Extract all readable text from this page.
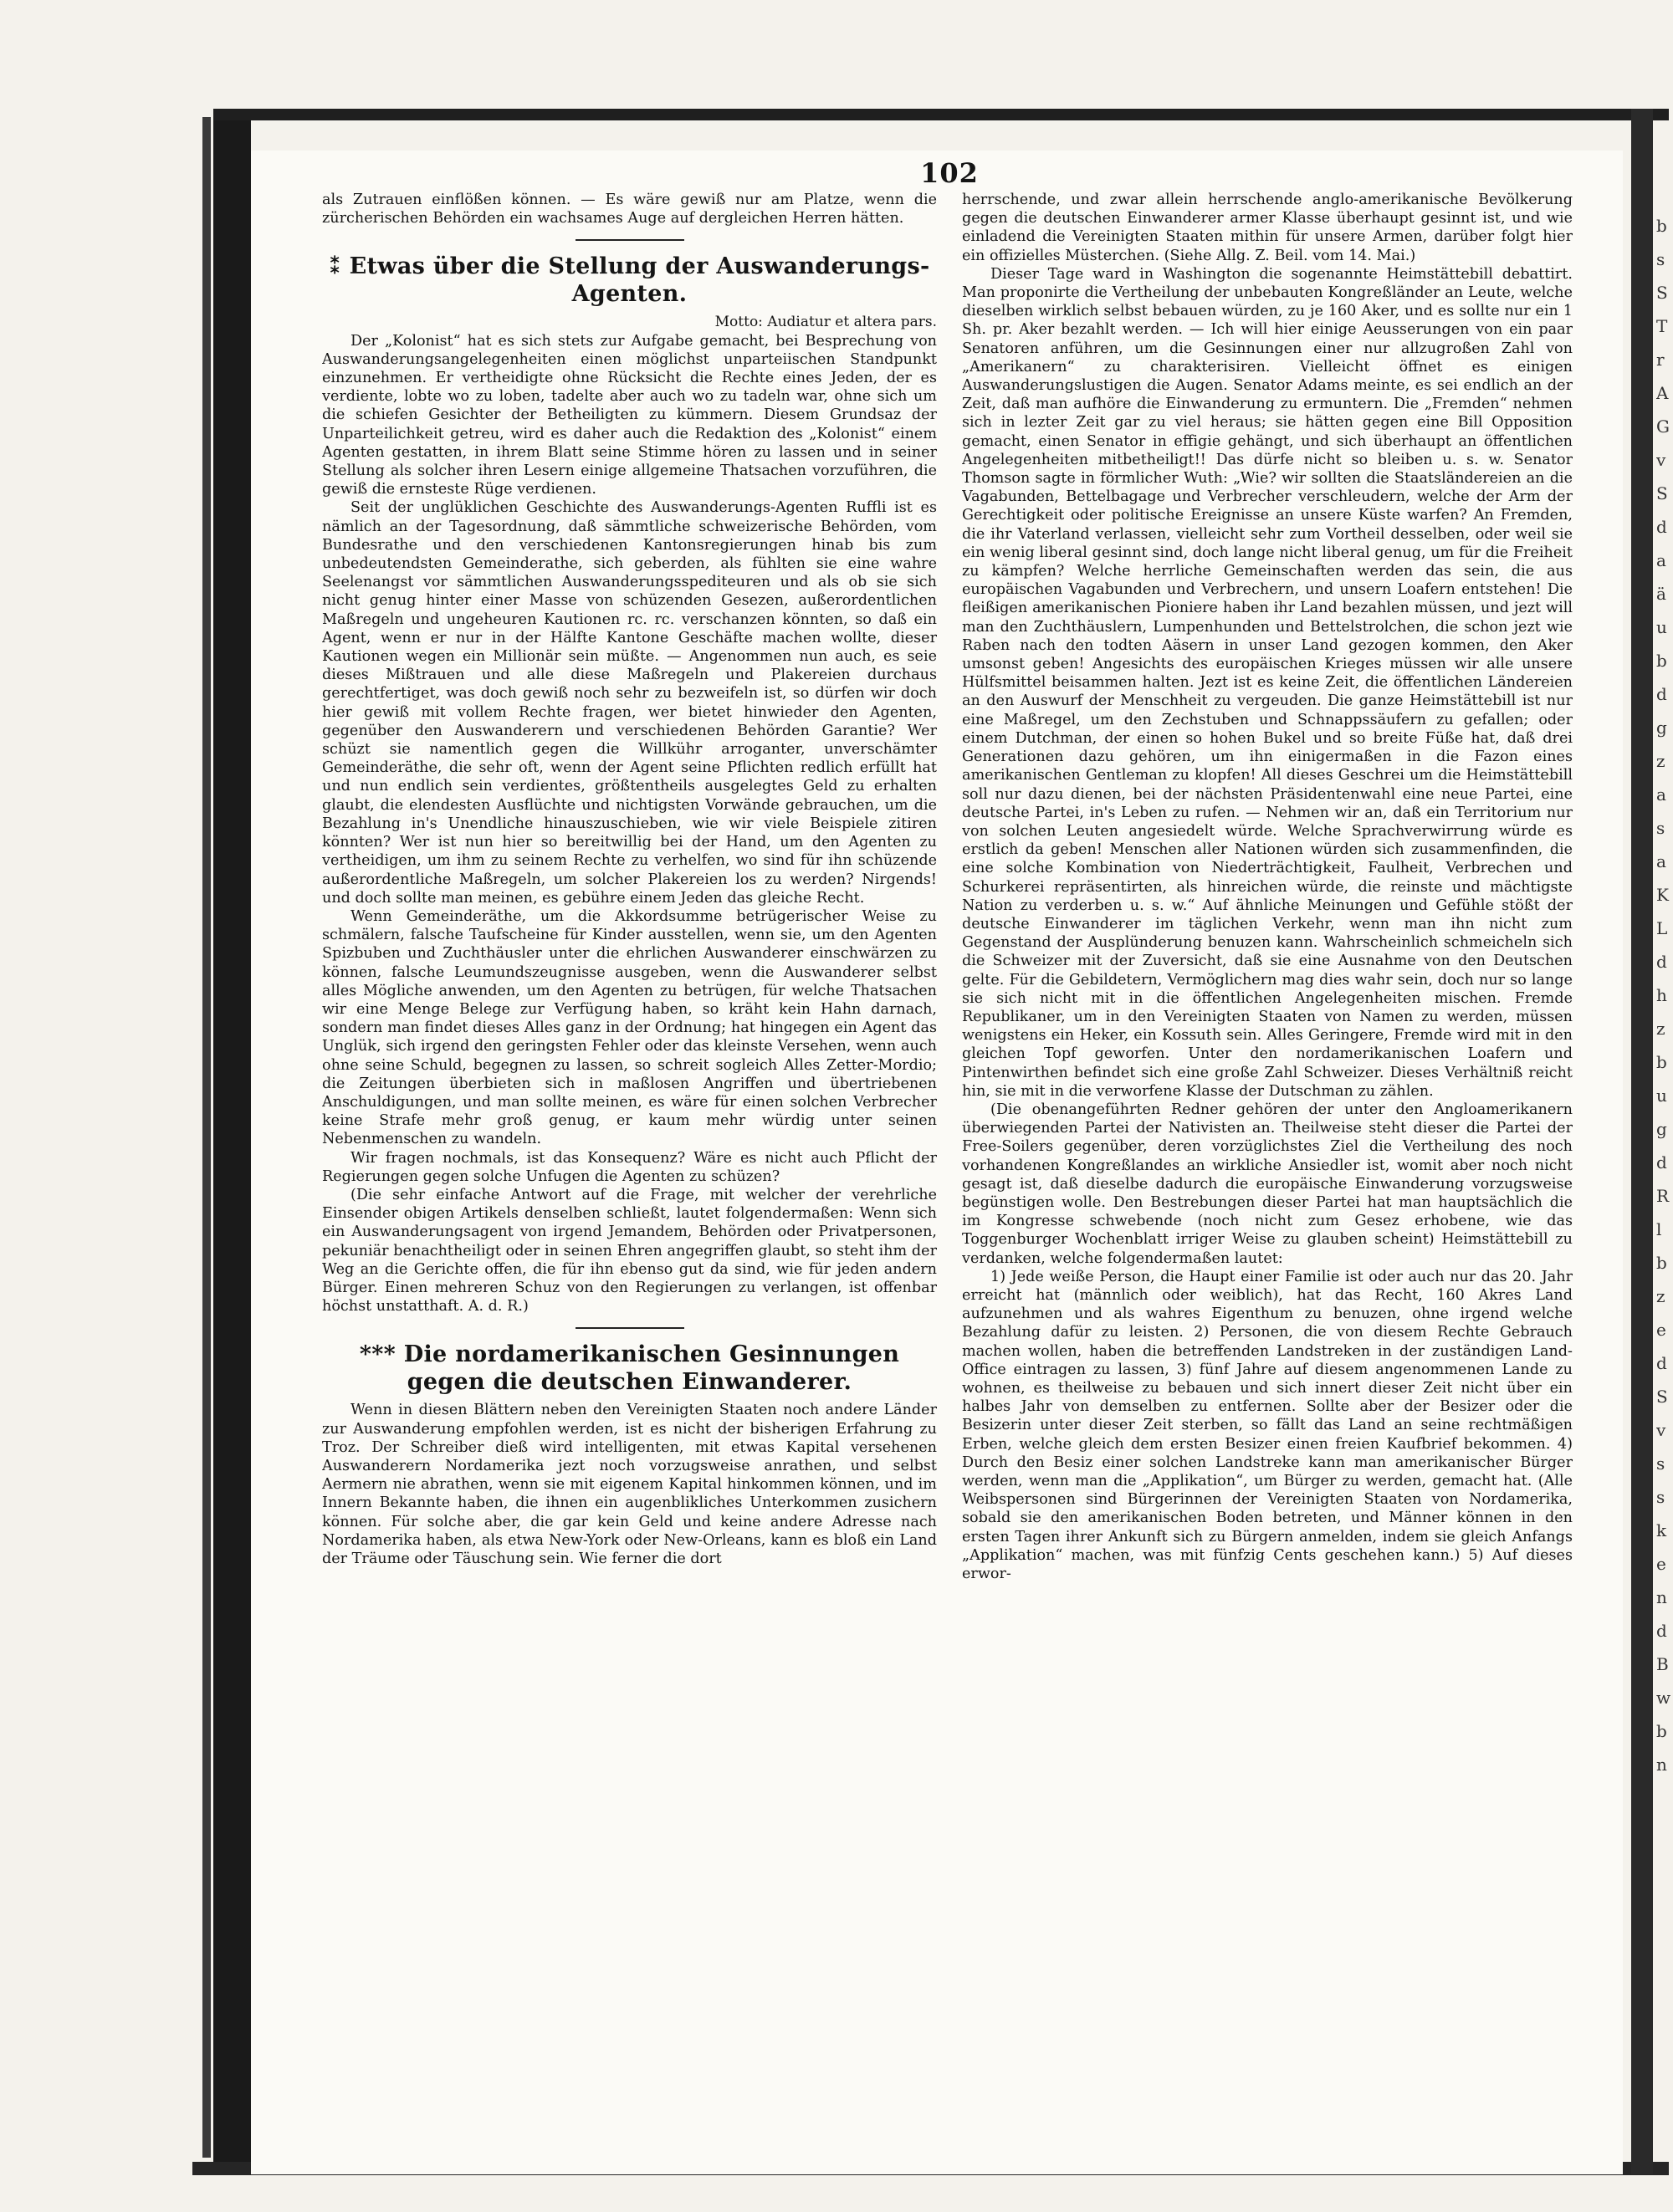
102

als Zutrauen einflößen können. — Es wäre gewiß nur am Platze, wenn die zürcherischen Behörden ein wachsames Auge auf dergleichen Herren hätten.

⁑ Etwas über die Stellung der Auswanderungs-Agenten.

Motto: Audiatur et altera pars.

Der „Kolonist“ hat es sich stets zur Aufgabe gemacht, bei Besprechung von Auswanderungsangelegenheiten einen möglichst unparteiischen Standpunkt einzunehmen. Er vertheidigte ohne Rücksicht die Rechte eines Jeden, der es verdiente, lobte wo zu loben, tadelte aber auch wo zu tadeln war, ohne sich um die schiefen Gesichter der Betheiligten zu kümmern. Diesem Grundsaz der Unparteilichkeit getreu, wird es daher auch die Redaktion des „Kolonist“ einem Agenten gestatten, in ihrem Blatt seine Stimme hören zu lassen und in seiner Stellung als solcher ihren Lesern einige allgemeine Thatsachen vorzuführen, die gewiß die ernsteste Rüge verdienen.

Seit der unglüklichen Geschichte des Auswanderungs-Agenten Ruffli ist es nämlich an der Tagesordnung, daß sämmtliche schweizerische Behörden, vom Bundesrathe und den verschiedenen Kantonsregierungen hinab bis zum unbedeutendsten Gemeinderathe, sich geberden, als fühlten sie eine wahre Seelenangst vor sämmtlichen Auswanderungsspediteuren und als ob sie sich nicht genug hinter einer Masse von schüzenden Gesezen, außerordentlichen Maßregeln und ungeheuren Kautionen rc. rc. verschanzen könnten, so daß ein Agent, wenn er nur in der Hälfte Kantone Geschäfte machen wollte, dieser Kautionen wegen ein Millionär sein müßte. — Angenommen nun auch, es seie dieses Mißtrauen und alle diese Maßregeln und Plakereien durchaus gerechtfertiget, was doch gewiß noch sehr zu bezweifeln ist, so dürfen wir doch hier gewiß mit vollem Rechte fragen, wer bietet hinwieder den Agenten, gegenüber den Auswanderern und verschiedenen Behörden Garantie? Wer schüzt sie namentlich gegen die Willkühr arroganter, unverschämter Gemeinderäthe, die sehr oft, wenn der Agent seine Pflichten redlich erfüllt hat und nun endlich sein verdientes, größtentheils ausgelegtes Geld zu erhalten glaubt, die elendesten Ausflüchte und nichtigsten Vorwände gebrauchen, um die Bezahlung in's Unendliche hinauszuschieben, wie wir viele Beispiele zitiren könnten? Wer ist nun hier so bereitwillig bei der Hand, um den Agenten zu vertheidigen, um ihm zu seinem Rechte zu verhelfen, wo sind für ihn schüzende außerordentliche Maßregeln, um solcher Plakereien los zu werden? Nirgends! und doch sollte man meinen, es gebühre einem Jeden das gleiche Recht.

Wenn Gemeinderäthe, um die Akkordsumme betrügerischer Weise zu schmälern, falsche Taufscheine für Kinder ausstellen, wenn sie, um den Agenten Spizbuben und Zuchthäusler unter die ehrlichen Auswanderer einschwärzen zu können, falsche Leumundszeugnisse ausgeben, wenn die Auswanderer selbst alles Mögliche anwenden, um den Agenten zu betrügen, für welche Thatsachen wir eine Menge Belege zur Verfügung haben, so kräht kein Hahn darnach, sondern man findet dieses Alles ganz in der Ordnung; hat hingegen ein Agent das Unglük, sich irgend den geringsten Fehler oder das kleinste Versehen, wenn auch ohne seine Schuld, begegnen zu lassen, so schreit sogleich Alles Zetter-Mordio; die Zeitungen überbieten sich in maßlosen Angriffen und übertriebenen Anschuldigungen, und man sollte meinen, es wäre für einen solchen Verbrecher keine Strafe mehr groß genug, er kaum mehr würdig unter seinen Nebenmenschen zu wandeln.

Wir fragen nochmals, ist das Konsequenz? Wäre es nicht auch Pflicht der Regierungen gegen solche Unfugen die Agenten zu schüzen?

(Die sehr einfache Antwort auf die Frage, mit welcher der verehrliche Einsender obigen Artikels denselben schließt, lautet folgendermaßen: Wenn sich ein Auswanderungsagent von irgend Jemandem, Behörden oder Privatpersonen, pekuniär benachtheiligt oder in seinen Ehren angegriffen glaubt, so steht ihm der Weg an die Gerichte offen, die für ihn ebenso gut da sind, wie für jeden andern Bürger. Einen mehreren Schuz von den Regierungen zu verlangen, ist offenbar höchst unstatthaft. A. d. R.)

*** Die nordamerikanischen Gesinnungen gegen die deutschen Einwanderer.

Wenn in diesen Blättern neben den Vereinigten Staaten noch andere Länder zur Auswanderung empfohlen werden, ist es nicht der bisherigen Erfahrung zu Troz. Der Schreiber dieß wird intelligenten, mit etwas Kapital versehenen Auswanderern Nordamerika jezt noch vorzugsweise anrathen, und selbst Aermern nie abrathen, wenn sie mit eigenem Kapital hinkommen können, und im Innern Bekannte haben, die ihnen ein augenblikliches Unterkommen zusichern können. Für solche aber, die gar kein Geld und keine andere Adresse nach Nordamerika haben, als etwa New-York oder New-Orleans, kann es bloß ein Land der Träume oder Täuschung sein. Wie ferner die dort

herrschende, und zwar allein herrschende anglo-amerikanische Bevölkerung gegen die deutschen Einwanderer armer Klasse überhaupt gesinnt ist, und wie einladend die Vereinigten Staaten mithin für unsere Armen, darüber folgt hier ein offizielles Müsterchen. (Siehe Allg. Z. Beil. vom 14. Mai.)

Dieser Tage ward in Washington die sogenannte Heimstättebill debattirt. Man proponirte die Vertheilung der unbebauten Kongreßländer an Leute, welche dieselben wirklich selbst bebauen würden, zu je 160 Aker, und es sollte nur ein 1 Sh. pr. Aker bezahlt werden. — Ich will hier einige Aeusserungen von ein paar Senatoren anführen, um die Gesinnungen einer nur allzugroßen Zahl von „Amerikanern“ zu charakterisiren. Vielleicht öffnet es einigen Auswanderungslustigen die Augen. Senator Adams meinte, es sei endlich an der Zeit, daß man aufhöre die Einwanderung zu ermuntern. Die „Fremden“ nehmen sich in lezter Zeit gar zu viel heraus; sie hätten gegen eine Bill Opposition gemacht, einen Senator in effigie gehängt, und sich überhaupt an öffentlichen Angelegenheiten mitbetheiligt!! Das dürfe nicht so bleiben u. s. w. Senator Thomson sagte in förmlicher Wuth: „Wie? wir sollten die Staatsländereien an die Vagabunden, Bettelbagage und Verbrecher verschleudern, welche der Arm der Gerechtigkeit oder politische Ereignisse an unsere Küste warfen? An Fremden, die ihr Vaterland verlassen, vielleicht sehr zum Vortheil desselben, oder weil sie ein wenig liberal gesinnt sind, doch lange nicht liberal genug, um für die Freiheit zu kämpfen? Welche herrliche Gemeinschaften werden das sein, die aus europäischen Vagabunden und Verbrechern, und unsern Loafern entstehen! Die fleißigen amerikanischen Pioniere haben ihr Land bezahlen müssen, und jezt will man den Zuchthäuslern, Lumpenhunden und Bettelstrolchen, die schon jezt wie Raben nach den todten Aäsern in unser Land gezogen kommen, den Aker umsonst geben! Angesichts des europäischen Krieges müssen wir alle unsere Hülfsmittel beisammen halten. Jezt ist es keine Zeit, die öffentlichen Ländereien an den Auswurf der Menschheit zu vergeuden. Die ganze Heimstättebill ist nur eine Maßregel, um den Zechstuben und Schnappssäufern zu gefallen; oder einem Dutchman, der einen so hohen Bukel und so breite Füße hat, daß drei Generationen dazu gehören, um ihn einigermaßen in die Fazon eines amerikanischen Gentleman zu klopfen! All dieses Geschrei um die Heimstättebill soll nur dazu dienen, bei der nächsten Präsidentenwahl eine neue Partei, eine deutsche Partei, in's Leben zu rufen. — Nehmen wir an, daß ein Territorium nur von solchen Leuten angesiedelt würde. Welche Sprachverwirrung würde es erstlich da geben! Menschen aller Nationen würden sich zusammenfinden, die eine solche Kombination von Niederträchtigkeit, Faulheit, Verbrechen und Schurkerei repräsentirten, als hinreichen würde, die reinste und mächtigste Nation zu verderben u. s. w.“ Auf ähnliche Meinungen und Gefühle stößt der deutsche Einwanderer im täglichen Verkehr, wenn man ihn nicht zum Gegenstand der Ausplünderung benuzen kann. Wahrscheinlich schmeicheln sich die Schweizer mit der Zuversicht, daß sie eine Ausnahme von den Deutschen gelte. Für die Gebildetern, Vermöglichern mag dies wahr sein, doch nur so lange sie sich nicht mit in die öffentlichen Angelegenheiten mischen. Fremde Republikaner, um in den Vereinigten Staaten von Namen zu werden, müssen wenigstens ein Heker, ein Kossuth sein. Alles Geringere, Fremde wird mit in den gleichen Topf geworfen. Unter den nordamerikanischen Loafern und Pintenwirthen befindet sich eine große Zahl Schweizer. Dieses Verhältniß reicht hin, sie mit in die verworfene Klasse der Dutschman zu zählen.

(Die obenangeführten Redner gehören der unter den Angloamerikanern überwiegenden Partei der Nativisten an. Theilweise steht dieser die Partei der Free-Soilers gegenüber, deren vorzüglichstes Ziel die Vertheilung des noch vorhandenen Kongreßlandes an wirkliche Ansiedler ist, womit aber noch nicht gesagt ist, daß dieselbe dadurch die europäische Einwanderung vorzugsweise begünstigen wolle. Den Bestrebungen dieser Partei hat man hauptsächlich die im Kongresse schwebende (noch nicht zum Gesez erhobene, wie das Toggenburger Wochenblatt irriger Weise zu glauben scheint) Heimstättebill zu verdanken, welche folgendermaßen lautet:

1) Jede weiße Person, die Haupt einer Familie ist oder auch nur das 20. Jahr erreicht hat (männlich oder weiblich), hat das Recht, 160 Akres Land aufzunehmen und als wahres Eigenthum zu benuzen, ohne irgend welche Bezahlung dafür zu leisten. 2) Personen, die von diesem Rechte Gebrauch machen wollen, haben die betreffenden Landstreken in der zuständigen Land-Office eintragen zu lassen, 3) fünf Jahre auf diesem angenommenen Lande zu wohnen, es theilweise zu bebauen und sich innert dieser Zeit nicht über ein halbes Jahr von demselben zu entfernen. Sollte aber der Besizer oder die Besizerin unter dieser Zeit sterben, so fällt das Land an seine rechtmäßigen Erben, welche gleich dem ersten Besizer einen freien Kaufbrief bekommen. 4) Durch den Besiz einer solchen Landstreke kann man amerikanischer Bürger werden, wenn man die „Applikation“, um Bürger zu werden, gemacht hat. (Alle Weibspersonen sind Bürgerinnen der Vereinigten Staaten von Nordamerika, sobald sie den amerikanischen Boden betreten, und Männer können in den ersten Tagen ihrer Ankunft sich zu Bürgern anmelden, indem sie gleich Anfangs „Applikation“ machen, was mit fünfzig Cents geschehen kann.) 5) Auf dieses erwor-

b
s
S
T
r
A
G
v
S
d
a
ä
u
b
d
g
z
a
s
a
K
L
d
h
z
b
u
g
d
R
l
b
z
e
d
S
v
s
s
k
e
n
d
B
w
b
n
